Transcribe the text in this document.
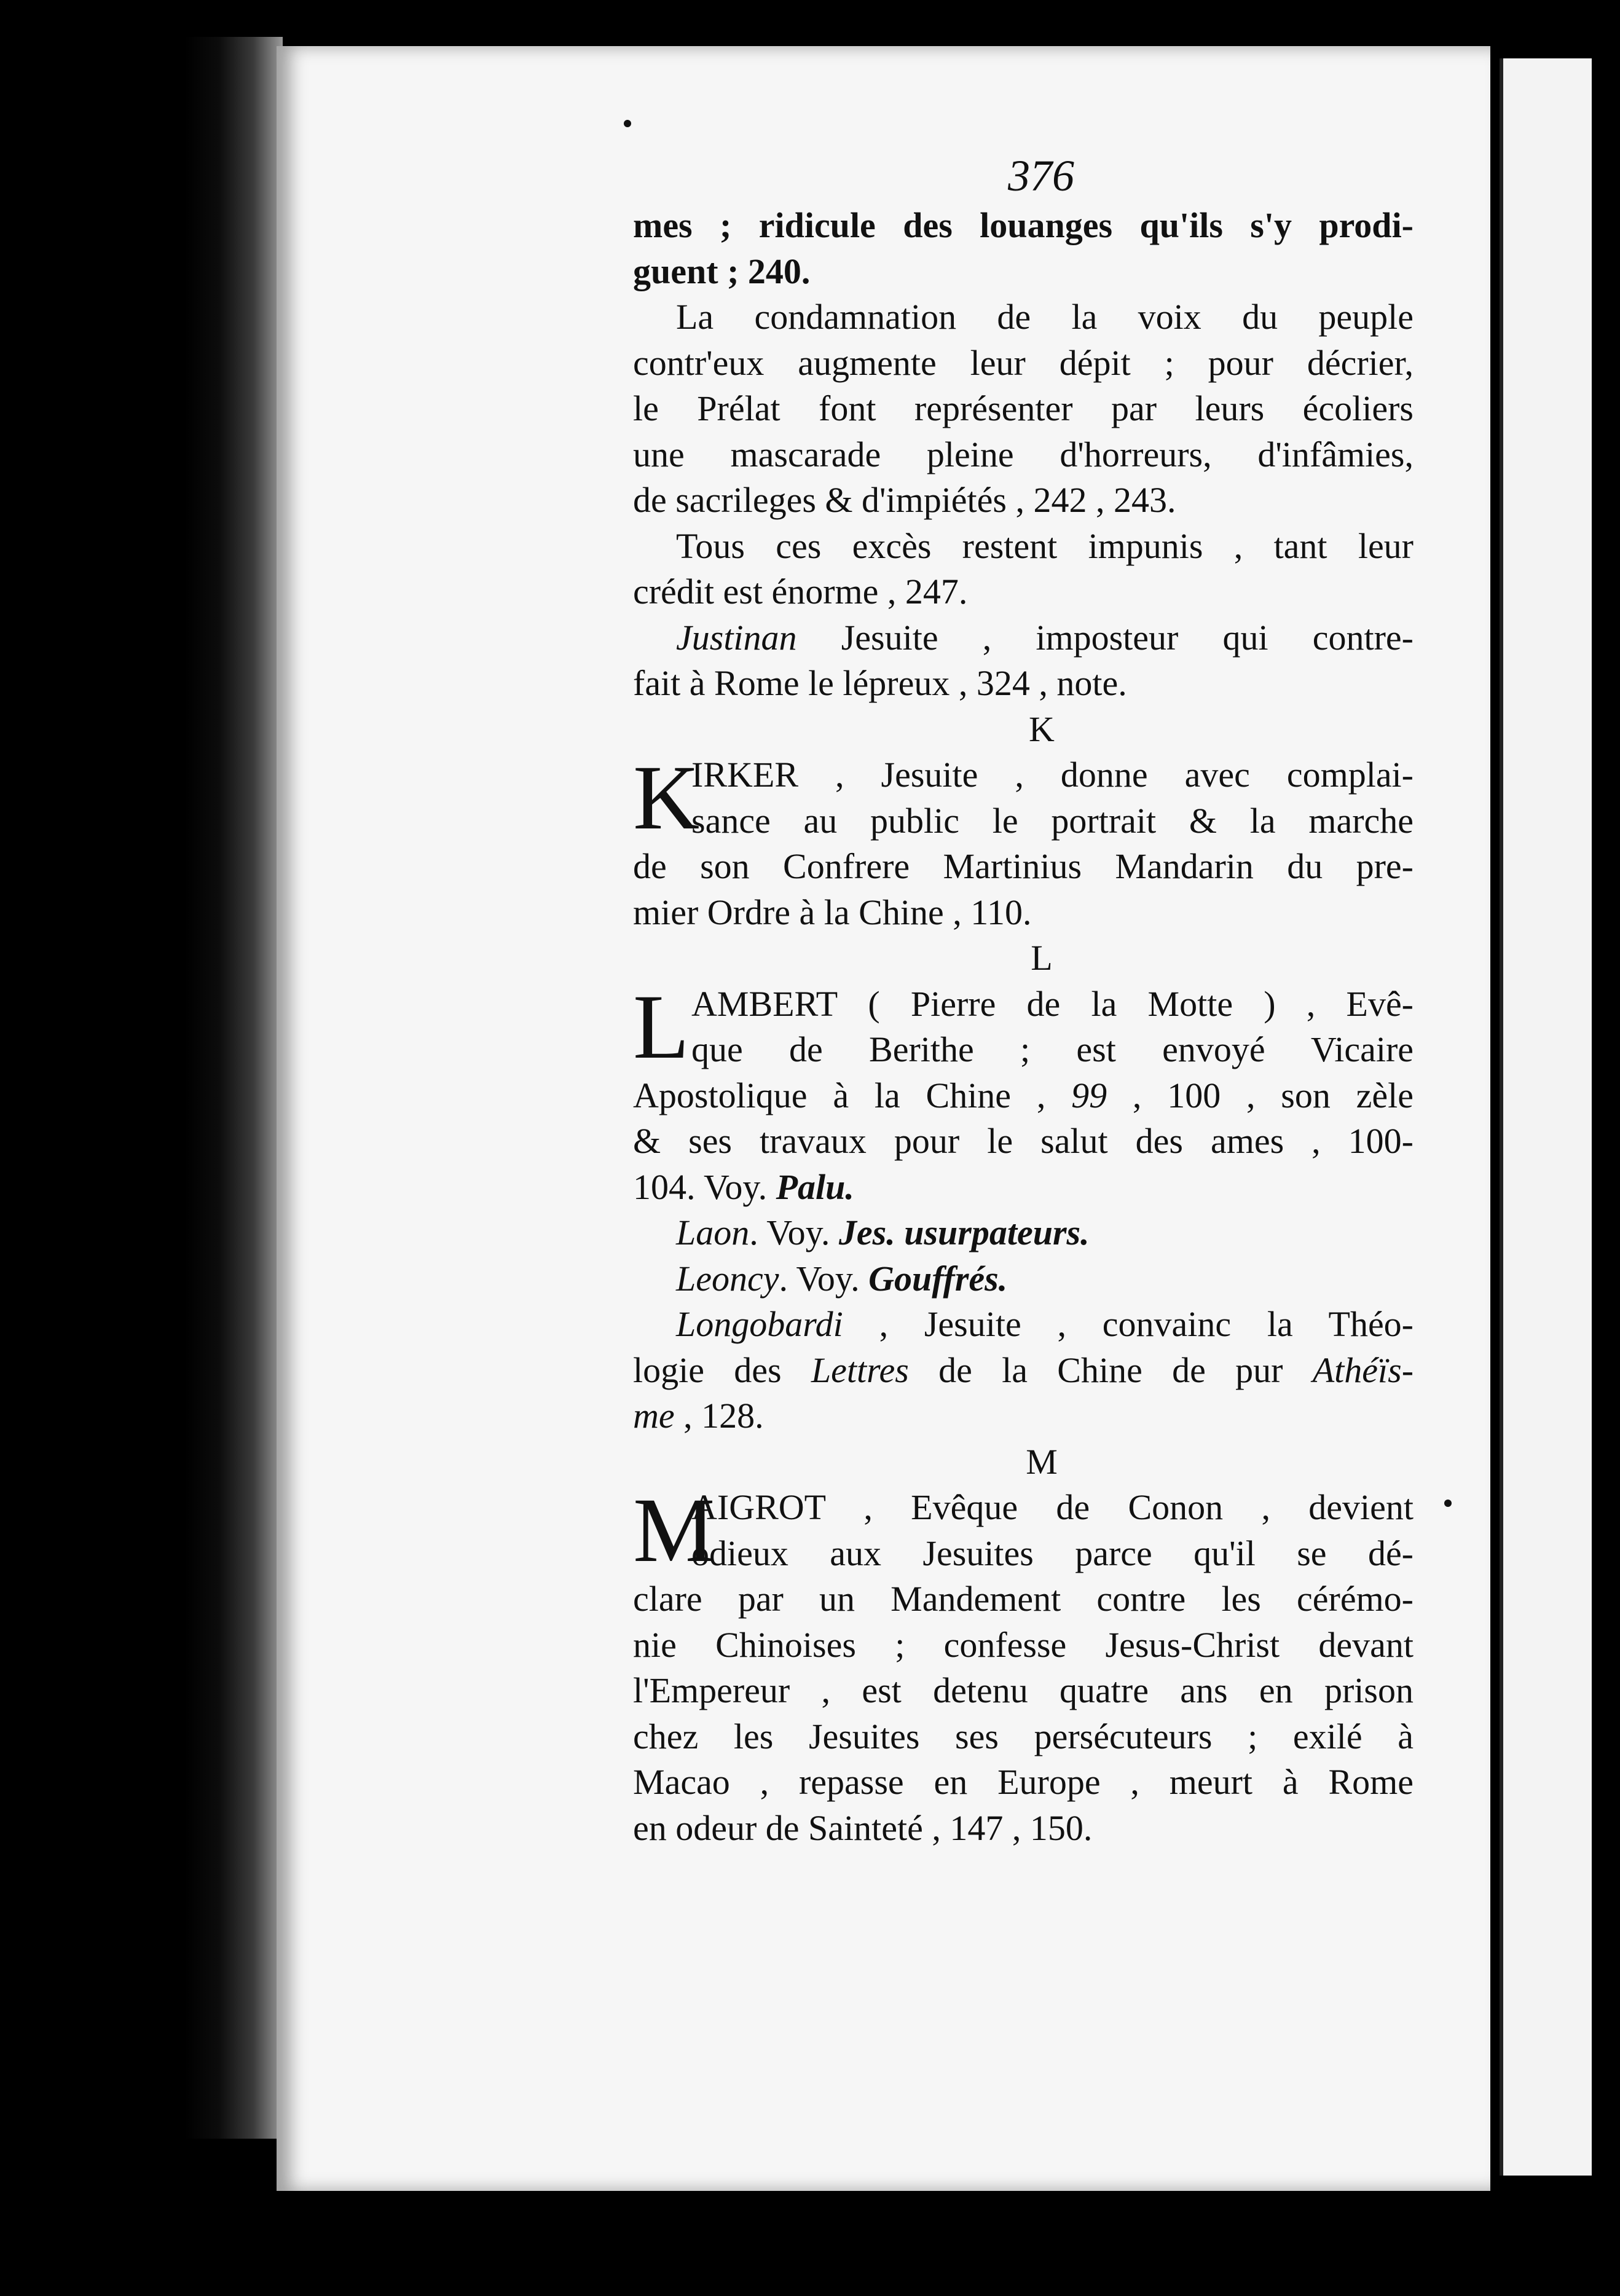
376
mes ; ridicule des louanges qu'ils s'y prodi-
guent ; 240.
La condamnation de la voix du peuple
contr'eux augmente leur dépit ; pour décrier,
le Prélat font représenter par leurs écoliers
une mascarade pleine d'horreurs, d'infâmies,
de sacrileges & d'impiétés , 242 , 243.
Tous ces excès restent impunis , tant leur
crédit est énorme , 247.
Justinan Jesuite , imposteur qui contre-
fait à Rome le lépreux , 324 , note.
K
K
IRKER , Jesuite , donne avec complai-
sance au public le portrait & la marche
de son Confrere Martinius Mandarin du pre-
mier Ordre à la Chine , 110.
L
L AMBERT ( Pierre de la Motte ) , Evê-
que de Berithe ; est envoyé Vicaire
Apostolique à la Chine , 99 , 100 , son zèle
& ses travaux pour le salut des ames , 100-
104. Voy. Palu.
Laon. Voy. Jes. usurpateurs.
Leoncy. Voy. Gouffrés.
Longobardi , Jesuite , convainc la Théo-
logie des Lettres de la Chine de pur Athéïs-
me , 128.
M
M
AIGROT , Evêque de Conon , devient
odieux aux Jesuites parce qu'il se dé-
clare par un Mandement contre les cérémo-
nie Chinoises ; confesse Jesus-Christ devant
l'Empereur , est detenu quatre ans en prison
chez les Jesuites ses persécuteurs ; exilé à
Macao , repasse en Europe , meurt à Rome
en odeur de Sainteté , 147 , 150.
